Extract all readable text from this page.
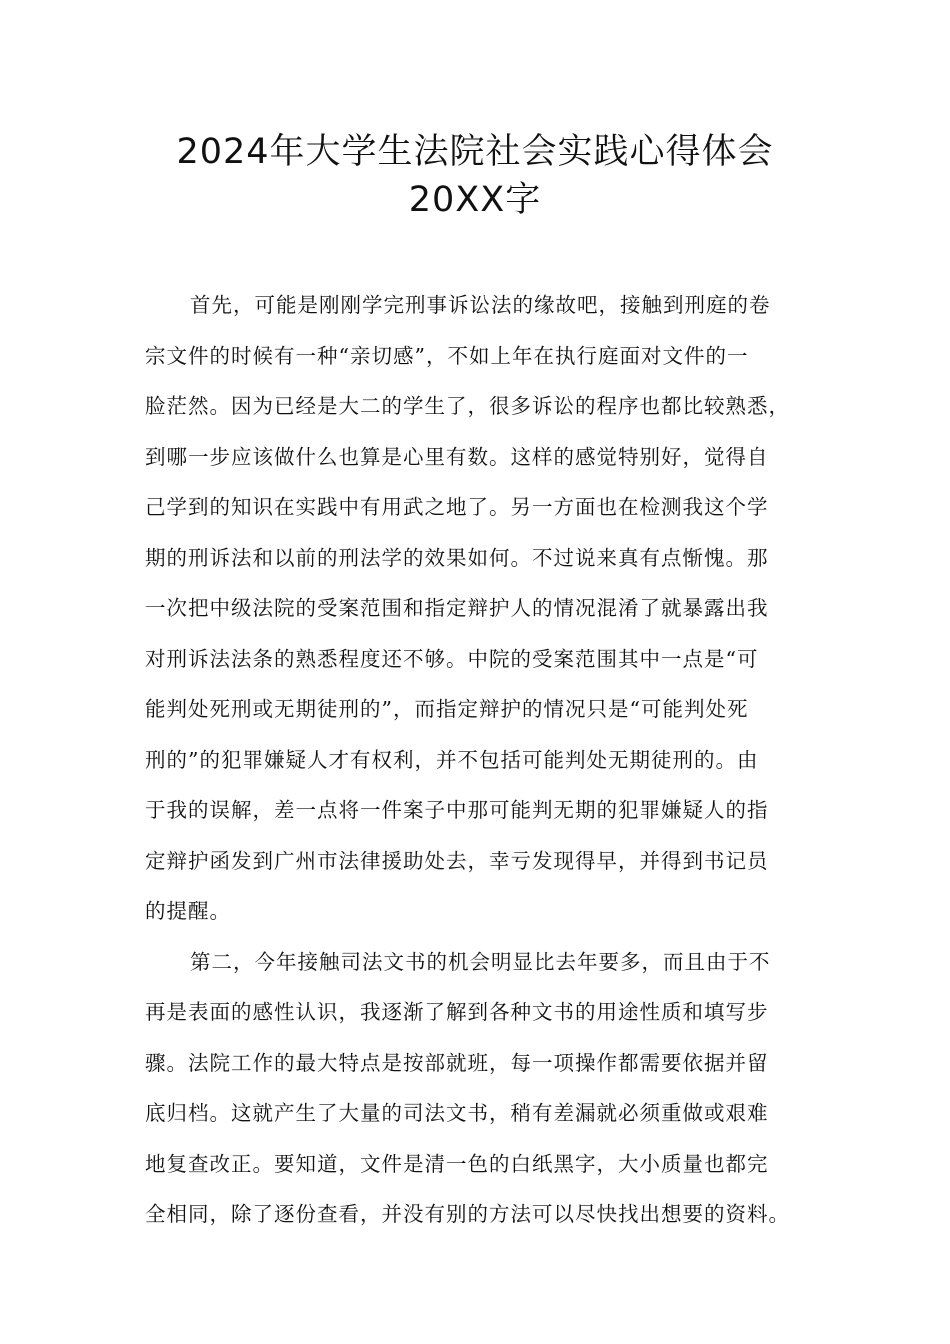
2024年大学生法院社会实践心得体会
20XX字
首先，可能是刚刚学完刑事诉讼法的缘故吧，接触到刑庭的卷
宗文件的时候有一种“亲切感”，不如上年在执行庭面对文件的一
脸茫然。因为已经是大二的学生了，很多诉讼的程序也都比较熟悉，
到哪一步应该做什么也算是心里有数。这样的感觉特别好，觉得自
己学到的知识在实践中有用武之地了。另一方面也在检测我这个学
期的刑诉法和以前的刑法学的效果如何。不过说来真有点惭愧。那
一次把中级法院的受案范围和指定辩护人的情况混淆了就暴露出我
对刑诉法法条的熟悉程度还不够。中院的受案范围其中一点是“可
能判处死刑或无期徒刑的”，而指定辩护的情况只是“可能判处死
刑的”的犯罪嫌疑人才有权利，并不包括可能判处无期徒刑的。由
于我的误解，差一点将一件案子中那可能判无期的犯罪嫌疑人的指
定辩护函发到广州市法律援助处去，幸亏发现得早，并得到书记员
的提醒。
第二，今年接触司法文书的机会明显比去年要多，而且由于不
再是表面的感性认识，我逐渐了解到各种文书的用途性质和填写步
骤。法院工作的最大特点是按部就班，每一项操作都需要依据并留
底归档。这就产生了大量的司法文书，稍有差漏就必须重做或艰难
地复查改正。要知道，文件是清一色的白纸黑字，大小质量也都完
全相同，除了逐份查看，并没有别的方法可以尽快找出想要的资料。
